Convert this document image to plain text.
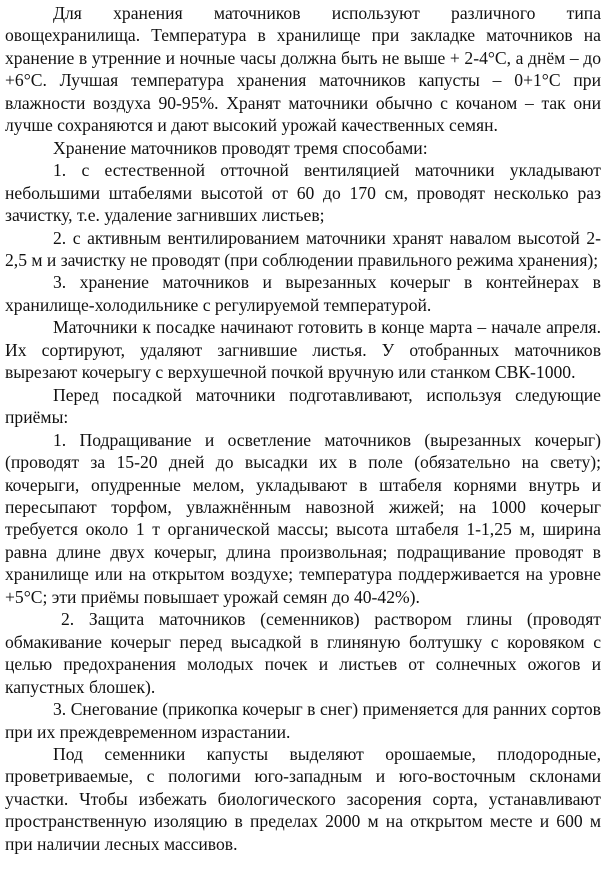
Для хранения маточников используют различного типа овощехранилища. Температура в хранилище при закладке маточников на хранение в утренние и ночные часы должна быть не выше + 2-4°С, а днём – до +6°С. Лучшая температура хранения маточников капусты – 0+1°С при влажности воздуха 90-95%. Хранят маточники обычно с кочаном – так они лучше сохраняются и дают высокий урожай качественных семян.

Хранение маточников проводят тремя способами:

1. с естественной отточной вентиляцией маточники укладывают небольшими штабелями высотой от 60 до 170 см, проводят несколько раз зачистку, т.е. удаление загнивших листьев;

2. с активным вентилированием маточники хранят навалом высотой 2-2,5 м и зачистку не проводят (при соблюдении правильного режима хранения);

3. хранение маточников и вырезанных кочерыг в контейнерах в хранилище-холодильнике с регулируемой температурой.

Маточники к посадке начинают готовить в конце марта – начале апреля. Их сортируют, удаляют загнившие листья. У отобранных маточников вырезают кочерыгу с верхушечной почкой вручную или станком СВК-1000.

Перед посадкой маточники подготавливают, используя следующие приёмы:

1. Подращивание и осветление маточников (вырезанных кочерыг) (проводят за 15-20 дней до высадки их в поле (обязательно на свету); кочерыги, опудренные мелом, укладывают в штабеля корнями внутрь и пересыпают торфом, увлажнённым навозной жижей; на 1000 кочерыг требуется около 1 т органической массы; высота штабеля 1-1,25 м, ширина равна длине двух кочерыг, длина произвольная; подращивание проводят в хранилище или на открытом воздухе; температура поддерживается на уровне +5°С; эти приёмы повышает урожай семян до 40-42%).

2. Защита маточников (семенников) раствором глины (проводят обмакивание кочерыг перед высадкой в глиняную болтушку с коровяком с целью предохранения молодых почек и листьев от солнечных ожогов и капустных блошек).

3. Снегование (прикопка кочерыг в снег) применяется для ранних сортов при их преждевременном израстании.

Под семенники капусты выделяют орошаемые, плодородные, проветриваемые, с пологими юго-западным и юго-восточным склонами участки. Чтобы избежать биологического засорения сорта, устанавливают пространственную изоляцию в пределах 2000 м на открытом месте и 600 м при наличии лесных массивов.
